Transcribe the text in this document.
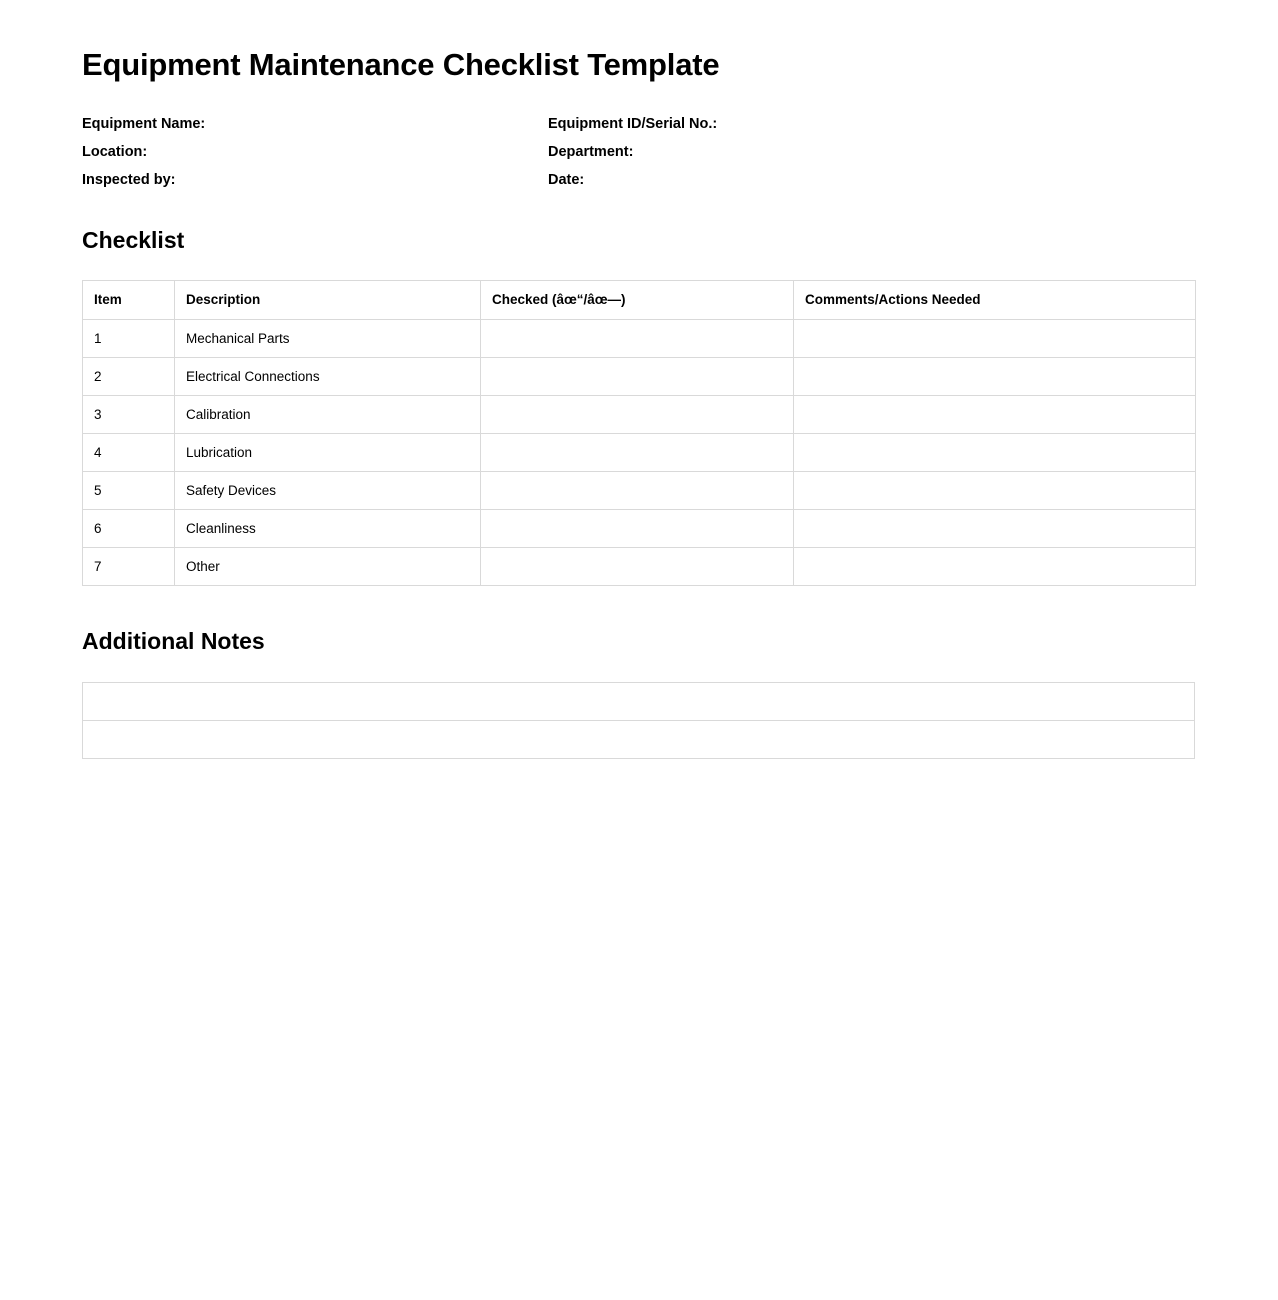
Equipment Maintenance Checklist Template
Equipment Name:	Equipment ID/Serial No.:
Location:	Department:
Inspected by:	Date:
Checklist
Item	Description	Checked (âœ“/âœ—)	Comments/Actions Needed
1	Mechanical Parts		
2	Electrical Connections		
3	Calibration		
4	Lubrication		
5	Safety Devices		
6	Cleanliness		
7	Other		
Additional Notes
